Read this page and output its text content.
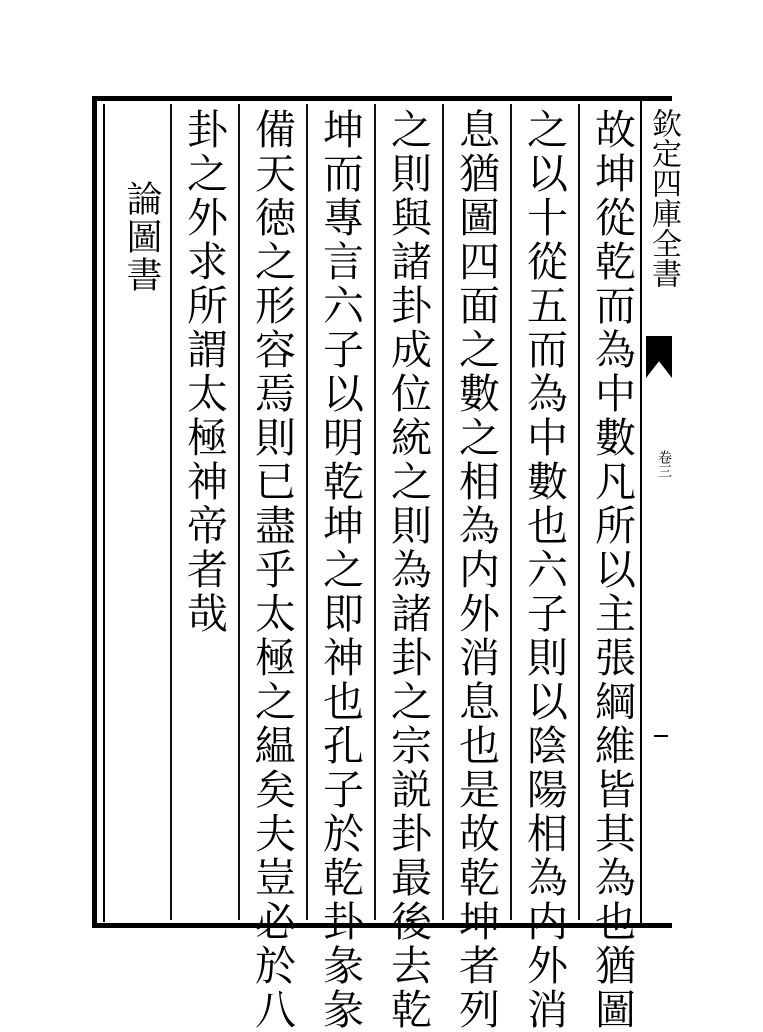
論圖書	故坤從乾而為中數凡所以主張綱維皆其為也猶圖
之以十從五而為中數也六子則以陰陽相為内外消
息猶圖四面之數之相為内外消息也是故乾坤者列
之則與諸卦成位統之則為諸卦之宗説卦最後去乾
坤而專言六子以明乾坤之即神也孔子於乾卦彖彖
備天徳之形容焉則已盡乎太極之緼矣夫豈必於八
卦之外求所謂太極神帝者哉	欽定四庫全書
卷三
